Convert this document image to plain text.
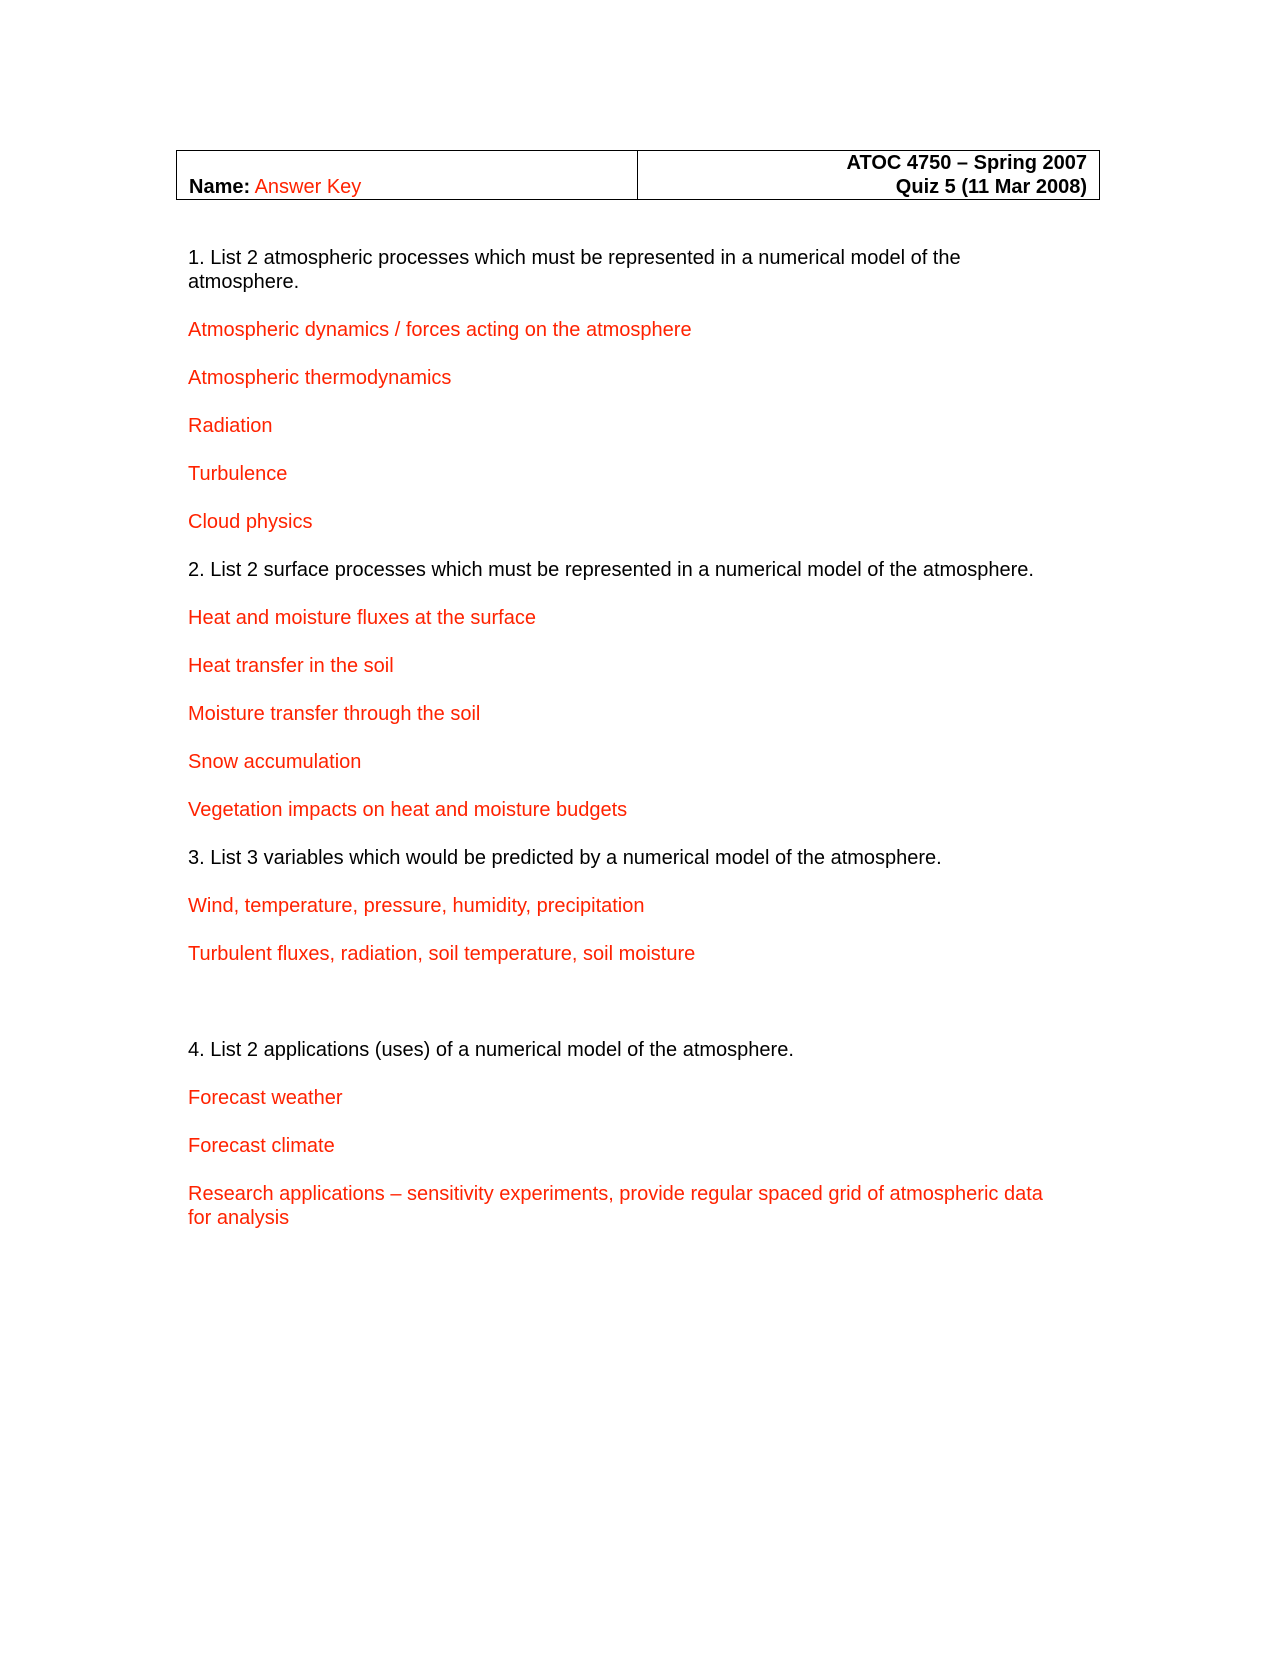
Name: Answer Key	
ATOC 4750 – Spring 2007
Quiz 5 (11 Mar 2008)
1. List 2 atmospheric processes which must be represented in a numerical model of the
atmosphere.
Atmospheric dynamics / forces acting on the atmosphere
Atmospheric thermodynamics
Radiation
Turbulence
Cloud physics
2. List 2 surface processes which must be represented in a numerical model of the atmosphere.
Heat and moisture fluxes at the surface
Heat transfer in the soil
Moisture transfer through the soil
Snow accumulation
Vegetation impacts on heat and moisture budgets
3. List 3 variables which would be predicted by a numerical model of the atmosphere.
Wind, temperature, pressure, humidity, precipitation
Turbulent fluxes, radiation, soil temperature, soil moisture
4. List 2 applications (uses) of a numerical model of the atmosphere.
Forecast weather
Forecast climate
Research applications – sensitivity experiments, provide regular spaced grid of atmospheric data
for analysis
